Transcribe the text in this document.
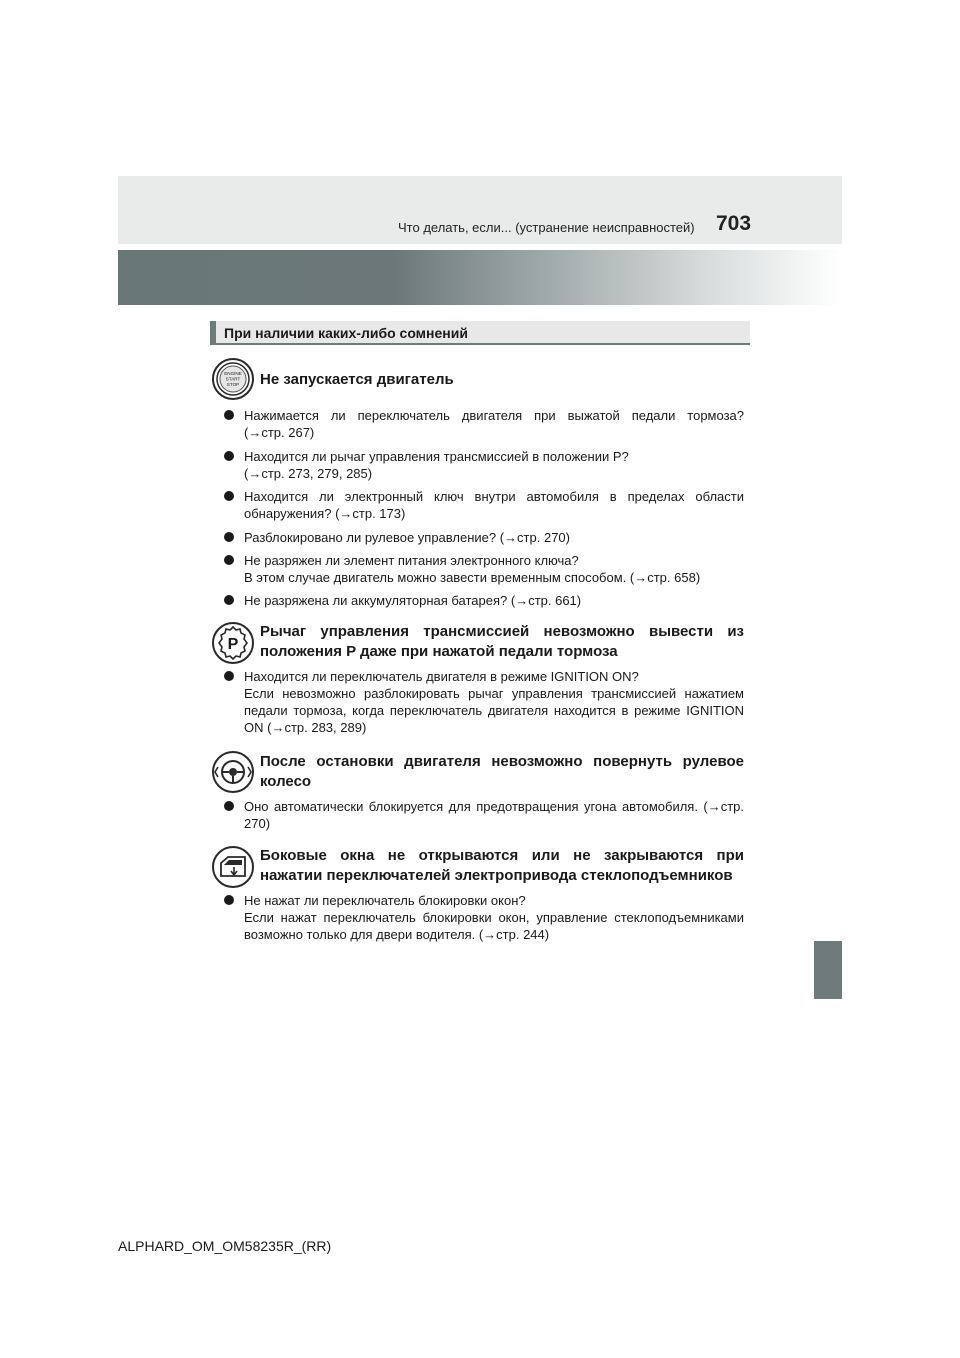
Что делать, если... (устранение неисправностей) 703
При наличии каких-либо сомнений
ENGINE
START
STOP Не запускается двигатель
Нажимается ли переключатель двигателя при выжатой педали тормоза?
(→стр. 267)
Находится ли рычаг управления трансмиссией в положении P?
(→стр. 273, 279, 285)
Находится ли электронный ключ внутри автомобиля в пределах области обнаружения? (→стр. 173)
Разблокировано ли рулевое управление? (→стр. 270)
Не разряжен ли элемент питания электронного ключа?
В этом случае двигатель можно завести временным способом. (→стр. 658)
Не разряжена ли аккумуляторная батарея? (→стр. 661)
P
Рычаг управления трансмиссией невозможно вывести из положения P даже при нажатой педали тормоза
Находится ли переключатель двигателя в режиме IGNITION ON?
Если невозможно разблокировать рычаг управления трансмиссией нажатием педали тормоза, когда переключатель двигателя находится в режиме IGNITION ON (→стр. 283, 289)
После остановки двигателя невозможно повернуть рулевое колесо
Оно автоматически блокируется для предотвращения угона автомобиля. (→стр. 270)
Боковые окна не открываются или не закрываются при нажатии переключателей электропривода стеклоподъемников
Не нажат ли переключатель блокировки окон?
Если нажат переключатель блокировки окон, управление стеклоподъемниками возможно только для двери водителя. (→стр. 244)
ALPHARD_OM_OM58235R_(RR)
